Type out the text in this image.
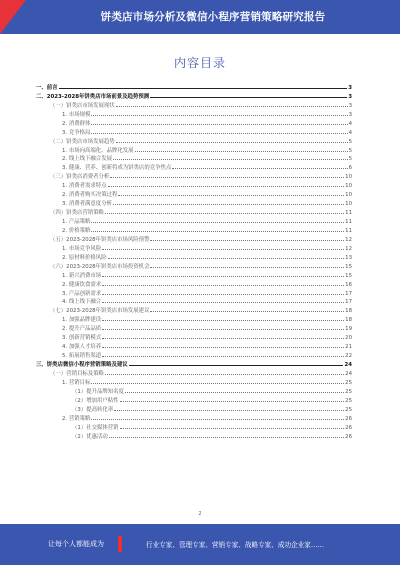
饼类店市场分析及微信小程序营销策略研究报告
内容目录
一、前言	3
二、2023-2028年饼类店市场前景及趋势预测	3
（一）饼类店市场发展现状	3
1. 市场规模	3
2. 消费群体	4
3. 竞争格局	4
（二）饼类店市场发展趋势	5
1. 市场向高端化、品牌化发展	5
2. 线上线下融合发展	5
3. 健康、营养、创新将成为饼类店的竞争焦点	6
（三）饼类店消费者分析	10
1. 消费者需求特点	10
2. 消费者购买决策过程	10
3. 消费者满意度分析	10
（四）饼类店营销策略	11
1. 产品策略	11
2. 价格策略	11
（五）2023-2028年饼类店市场风险预警	12
1. 市场竞争风险	12
2. 原材料价格风险	13
（六）2023-2028年饼类店市场投资机会	15
1. 新兴消费市场	15
2. 健康饮食需求	16
3. 产品创新需求	17
4. 线上线下融合	17
（七）2023-2028年饼类店市场发展建议	18
1. 加强品牌建设	18
2. 提升产品品质	19
3. 创新营销模式	20
4. 加强人才培养	21
5. 拓展销售渠道	22
三、饼类店微信小程序营销策略及建议	24
（一）营销目标及策略	24
1. 营销目标	25
（1）提升品牌知名度	25
（2）增加用户粘性	25
（3）提高转化率	25
2. 营销策略	26
（1）社交媒体营销	26
（2）优惠活动	26
2
让每个人都能成为	行业专家、管理专家、营销专家、战略专家、成功企业家……
